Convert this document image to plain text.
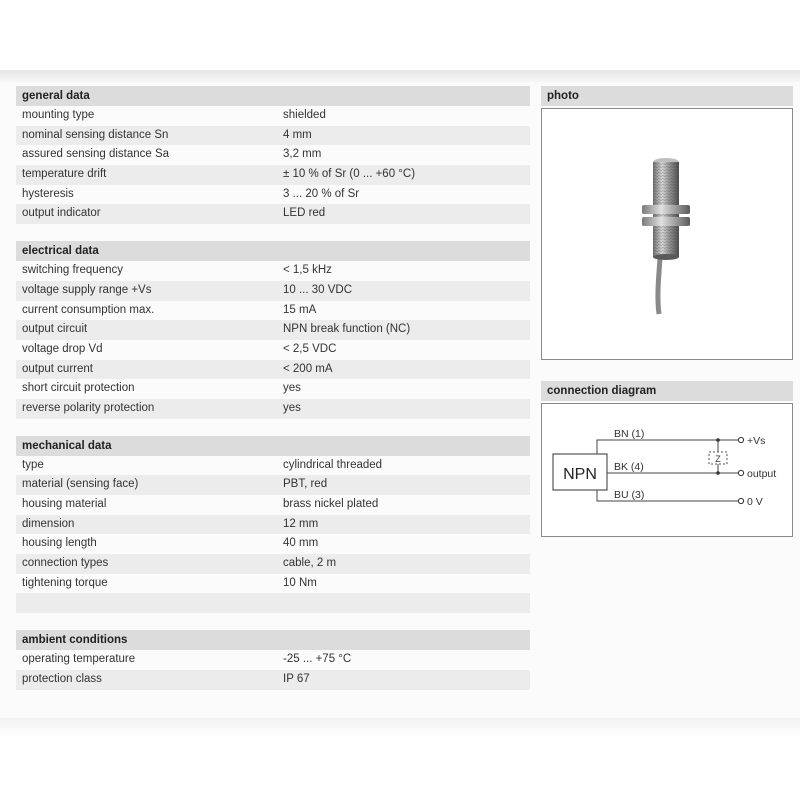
general data
mounting type	shielded
nominal sensing distance Sn	4 mm
assured sensing distance Sa	3,2 mm
temperature drift	± 10 % of Sr (0 ... +60 °C)
hysteresis	3 ... 20 % of Sr
output indicator	LED red
electrical data
switching frequency	< 1,5 kHz
voltage supply range +Vs	10 ... 30 VDC
current consumption max.	15 mA
output circuit	NPN break function (NC)
voltage drop Vd	< 2,5 VDC
output current	< 200 mA
short circuit protection	yes
reverse polarity protection	yes
mechanical data
type	cylindrical threaded
material (sensing face)	PBT, red
housing material	brass nickel plated
dimension	12 mm
housing length	40 mm
connection types	cable, 2 m
tightening torque	10 Nm
ambient conditions
operating temperature	-25 ... +75 °C
protection class	IP 67
photo
connection diagram
NPN
Z
BN (1)
BK (4)
BU (3)
+Vs
output
0 V
